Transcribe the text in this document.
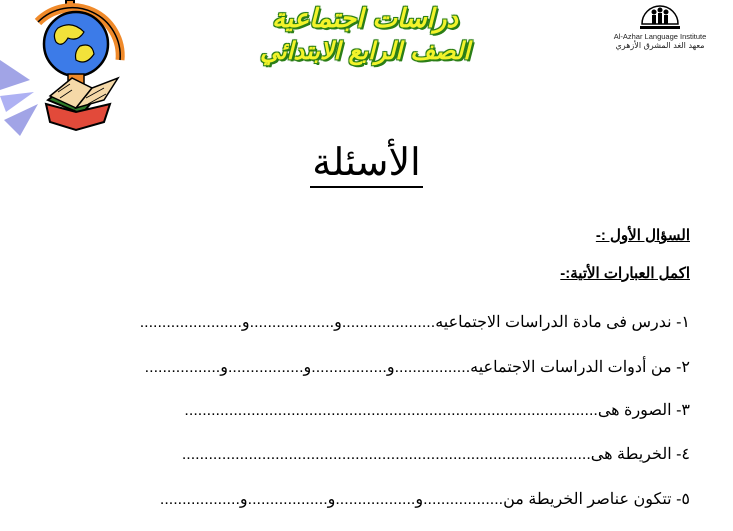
دراسات اجتماعية
الصف الرابع الابتدائي	Al-Azhar Language Institute
معهد الغد المشرق الأزهري
الأسئلة
السؤال الأول :-
اكمل العبارات الأتية:-
١- ندرس فى مادة الدراسات الاجتماعيه.....................و...................و.......................
٢- من أدوات الدراسات الاجتماعيه.................و.................و.................و.................
٣- الصورة هى.............................................................................................
٤- الخريطة هى............................................................................................
٥- تتكون عناصر الخريطة من..................و..................و..................و..................
